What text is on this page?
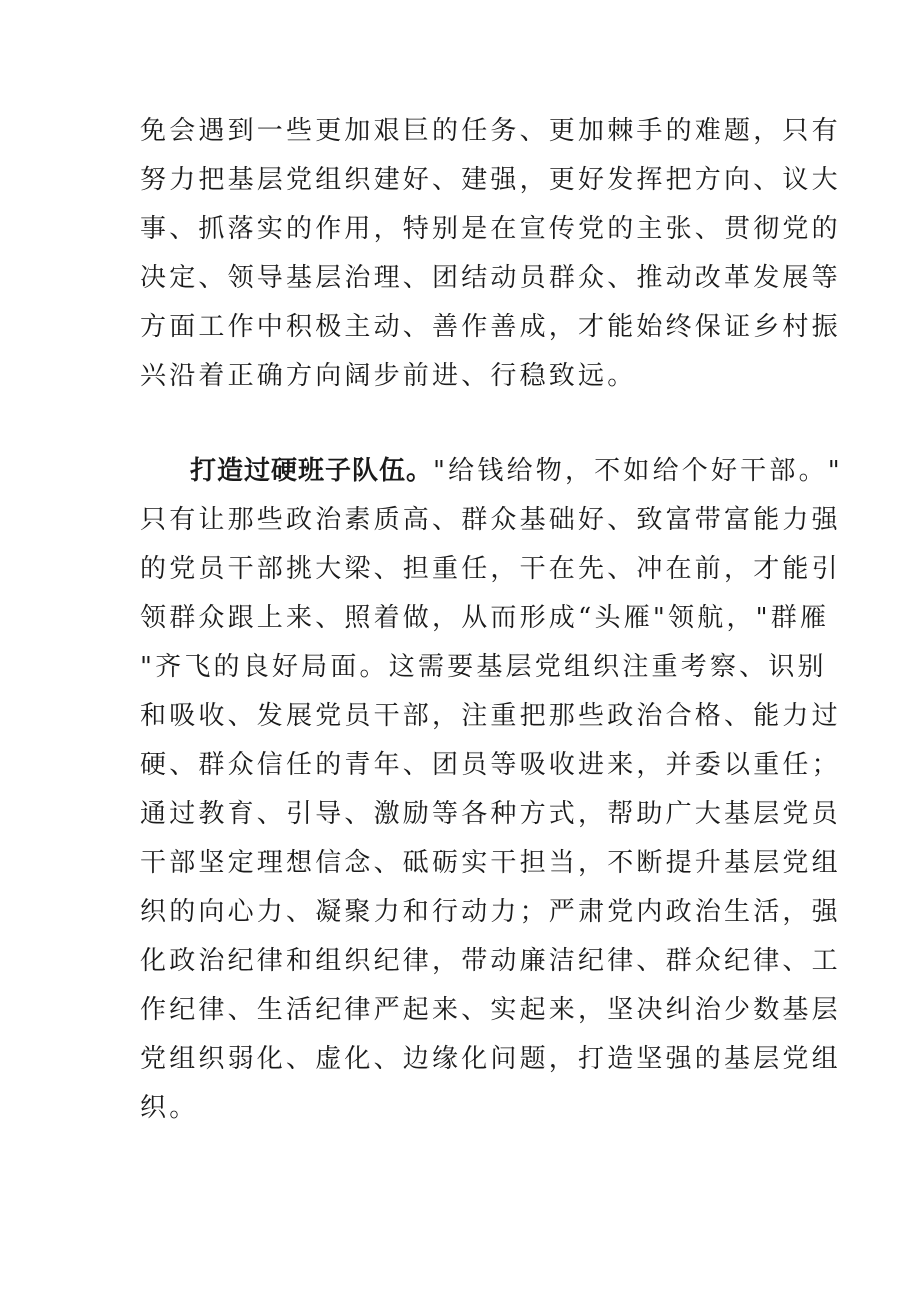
免会遇到一些更加艰巨的任务、更加棘手的难题，只有
努力把基层党组织建好、建强，更好发挥把方向、议大
事、抓落实的作用，特别是在宣传党的主张、贯彻党的
决定、领导基层治理、团结动员群众、推动改革发展等
方面工作中积极主动、善作善成，才能始终保证乡村振
兴沿着正确方向阔步前进、行稳致远。
打造过硬班子队伍。"给钱给物，不如给个好干部。"
只有让那些政治素质高、群众基础好、致富带富能力强
的党员干部挑大梁、担重任，干在先、冲在前，才能引
领群众跟上来、照着做，从而形成“头雁"领航，"群雁
"齐飞的良好局面。这需要基层党组织注重考察、识别
和吸收、发展党员干部，注重把那些政治合格、能力过
硬、群众信任的青年、团员等吸收进来，并委以重任；
通过教育、引导、激励等各种方式，帮助广大基层党员
干部坚定理想信念、砥砺实干担当，不断提升基层党组
织的向心力、凝聚力和行动力；严肃党内政治生活，强
化政治纪律和组织纪律，带动廉洁纪律、群众纪律、工
作纪律、生活纪律严起来、实起来，坚决纠治少数基层
党组织弱化、虚化、边缘化问题，打造坚强的基层党组
织。
